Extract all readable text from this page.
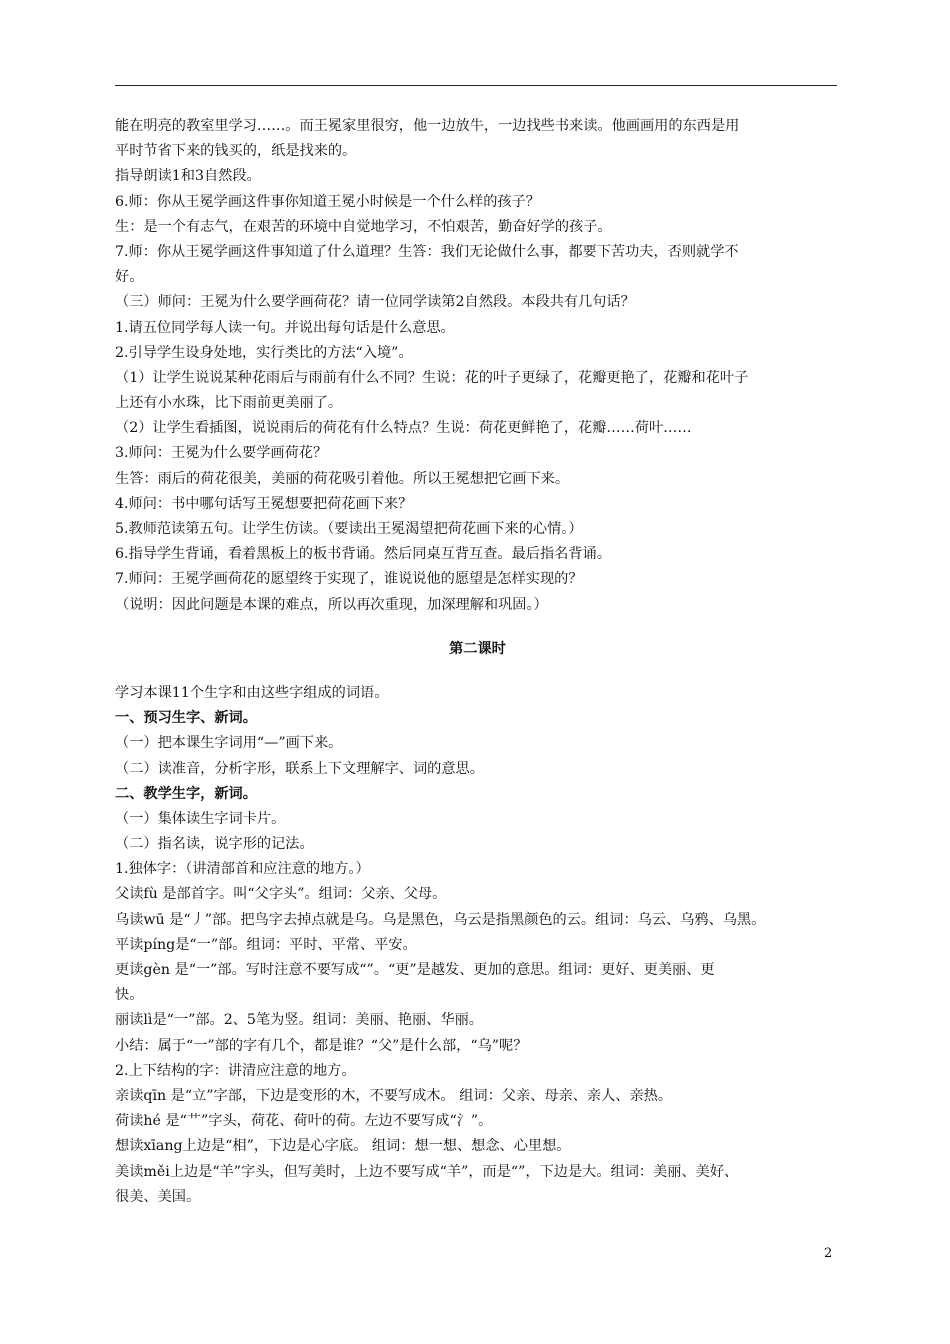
能在明亮的教室里学习……。而王冕家里很穷，他一边放牛，一边找些书来读。他画画用的东西是用
平时节省下来的钱买的，纸是找来的。
指导朗读1和3自然段。
6.师：你从王冕学画这件事你知道王冕小时候是一个什么样的孩子？
生：是一个有志气，在艰苦的环境中自觉地学习，不怕艰苦，勤奋好学的孩子。
7.师：你从王冕学画这件事知道了什么道理？生答：我们无论做什么事，都要下苦功夫，否则就学不
好。
（三）师问：王冕为什么要学画荷花？请一位同学读第2自然段。本段共有几句话？
1.请五位同学每人读一句。并说出每句话是什么意思。
2.引导学生设身处地，实行类比的方法“入境”。
（1）让学生说说某种花雨后与雨前有什么不同？生说：花的叶子更绿了，花瓣更艳了，花瓣和花叶子
上还有小水珠，比下雨前更美丽了。
（2）让学生看插图，说说雨后的荷花有什么特点？生说：荷花更鲜艳了，花瓣……荷叶……
3.师问：王冕为什么要学画荷花？
生答：雨后的荷花很美，美丽的荷花吸引着他。所以王冕想把它画下来。
4.师问：书中哪句话写王冕想要把荷花画下来？
5.教师范读第五句。让学生仿读。（要读出王冕渴望把荷花画下来的心情。）
6.指导学生背诵，看着黑板上的板书背诵。然后同桌互背互查。最后指名背诵。
7.师问：王冕学画荷花的愿望终于实现了，谁说说他的愿望是怎样实现的？
（说明：因此问题是本课的难点，所以再次重现，加深理解和巩固。）
第二课时
学习本课11个生字和由这些字组成的词语。
一、预习生字、新词。
（一）把本课生字词用“—”画下来。
（二）读准音，分析字形，联系上下文理解字、词的意思。
二、教学生字，新词。
（一）集体读生字词卡片。
（二）指名读，说字形的记法。
1.独体字：（讲清部首和应注意的地方。）
父读fù 是部首字。叫“父字头”。组词：父亲、父母。
乌读wū 是“丿”部。把鸟字去掉点就是乌。乌是黑色，乌云是指黑颜色的云。组词：乌云、乌鸦、乌黑。
平读píng是“一”部。组词：平时、平常、平安。
更读gèn 是“一”部。写时注意不要写成“”。“更”是越发、更加的意思。组词：更好、更美丽、更
快。
丽读lì是“一”部。2、5笔为竖。组词：美丽、艳丽、华丽。
小结：属于“一”部的字有几个，都是谁？“父”是什么部，“乌”呢？
2.上下结构的字：讲清应注意的地方。
亲读qīn 是“立”字部，下边是变形的木，不要写成木。 组词：父亲、母亲、亲人、亲热。
荷读hé 是“艹”字头，荷花、荷叶的荷。左边不要写成“氵”。
想读xīang上边是“相”，下边是心字底。 组词：想一想、想念、心里想。
美读měi上边是“羊”字头，但写美时，上边不要写成“羊”，而是“”，下边是大。组词：美丽、美好、
很美、美国。
2
